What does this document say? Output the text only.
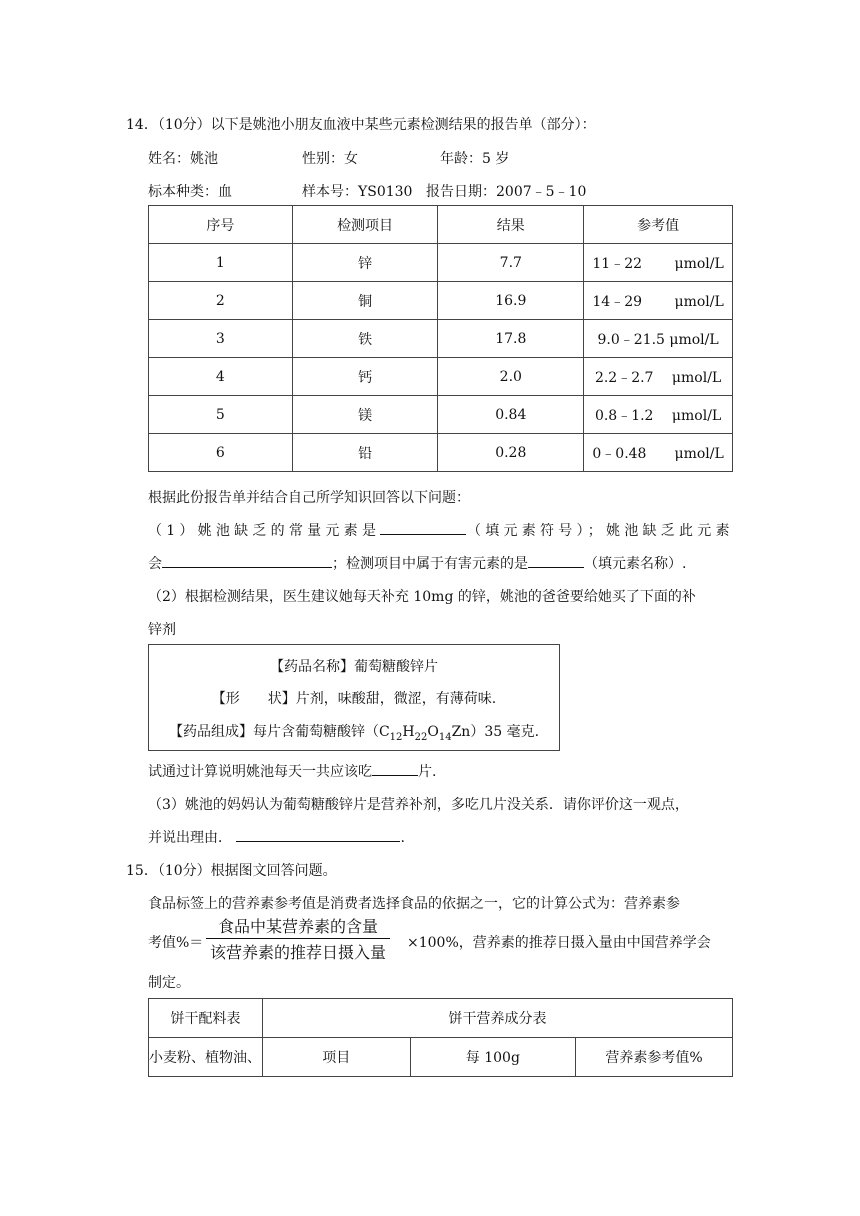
14．（10分）以下是姚池小朋友血液中某些元素检测结果的报告单（部分）：
姓名：姚池	性别：女	年龄：5 岁
标本种类：血	样本号：YS0130 报告日期：2007﹣5﹣10
序号	检测项目	结果	参考值
1	锌	7.7	11﹣22　　 μmol/L
2	铜	16.9	14﹣29　　 μmol/L
3	铁	17.8	9.0﹣21.5 μmol/L
4	钙	2.0	2.2﹣2.7　 μmol/L
5	镁	0.84	0.8﹣1.2　 μmol/L
6	铅	0.28	0﹣0.48　　μmol/L
根据此份报告单并结合自己所学知识回答以下问题：
（1）姚池缺乏的常量元素是	（填元素符号）；姚池缺乏此元素
会	；检测项目中属于有害元素的是	（填元素名称）.
（2）根据检测结果，医生建议她每天补充 10mg 的锌，姚池的爸爸要给她买了下面的补
锌剂
【药品名称】葡萄糖酸锌片
【形　　状】片剂，味酸甜，微涩，有薄荷味.
【药品组成】每片含葡萄糖酸锌$(C_{12}H_{22}O_{14}Zn)35$ 毫克.
试通过计算说明姚池每天一共应该吃	片.
（3）姚池的妈妈认为葡萄糖酸锌片是营养补剂，多吃几片没关系．请你评价这一观点，
并说出理由．	.
15．（10分）根据图文回答问题。
食品标签上的营养素参考值是消费者选择食品的依据之一，它的计算公式为：营养素参
考值%＝
食品中某营养素的含量
该营养素的推荐日摄入量 ×100%，营养素的推荐日摄入量由中国营养学会
制定。
饼干配料表	饼干营养成分表		
小麦粉、植物油、	项目	每 100g	营养素参考值%
